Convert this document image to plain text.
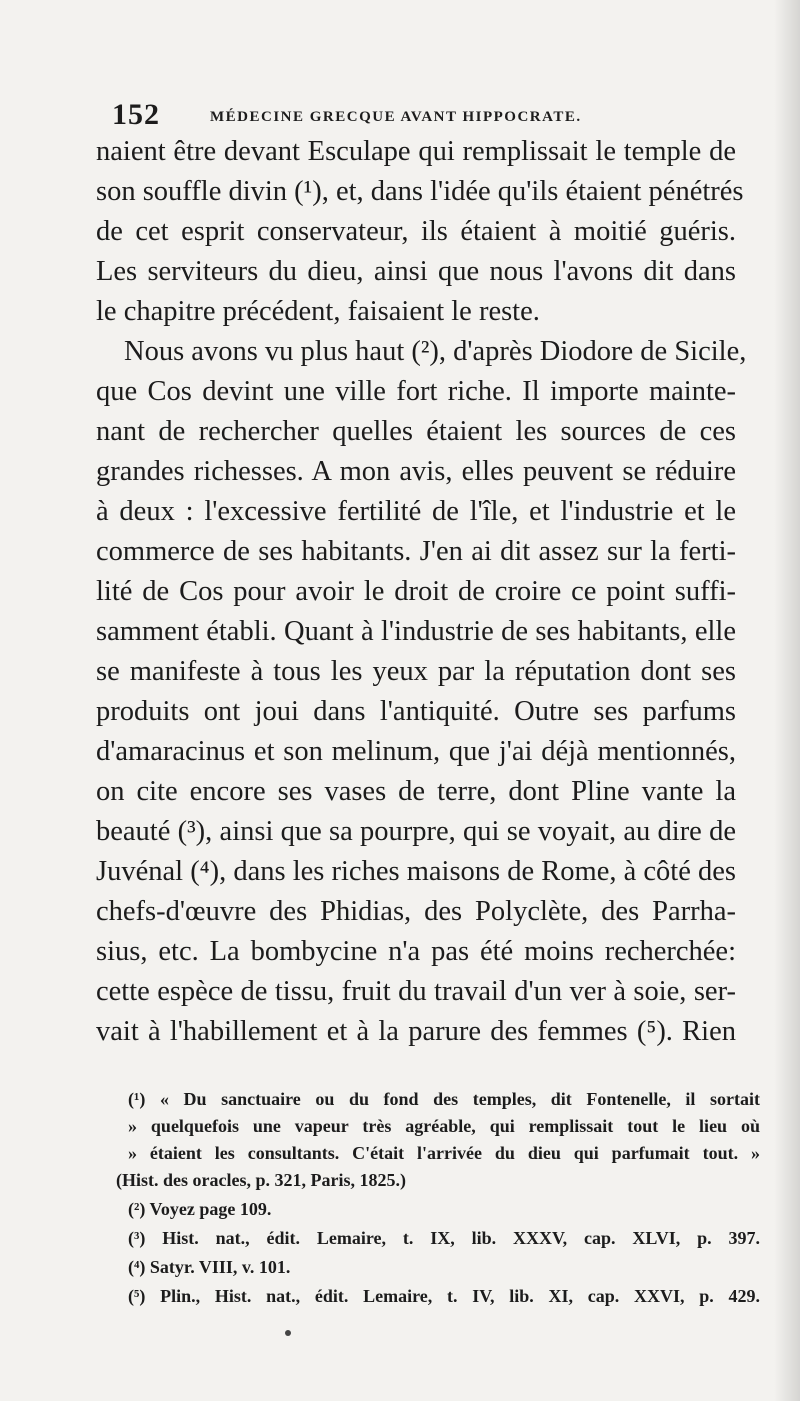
152	MÉDECINE GRECQUE AVANT HIPPOCRATE.
naient être devant Esculape qui remplissait le temple de
son souffle divin (¹), et, dans l'idée qu'ils étaient pénétrés
de cet esprit conservateur, ils étaient à moitié guéris.
Les serviteurs du dieu, ainsi que nous l'avons dit dans
le chapitre précédent, faisaient le reste.
Nous avons vu plus haut (²), d'après Diodore de Sicile,
que Cos devint une ville fort riche. Il importe mainte-
nant de rechercher quelles étaient les sources de ces
grandes richesses. A mon avis, elles peuvent se réduire
à deux : l'excessive fertilité de l'île, et l'industrie et le
commerce de ses habitants. J'en ai dit assez sur la ferti-
lité de Cos pour avoir le droit de croire ce point suffi-
samment établi. Quant à l'industrie de ses habitants, elle
se manifeste à tous les yeux par la réputation dont ses
produits ont joui dans l'antiquité. Outre ses parfums
d'amaracinus et son melinum, que j'ai déjà mentionnés,
on cite encore ses vases de terre, dont Pline vante la
beauté (³), ainsi que sa pourpre, qui se voyait, au dire de
Juvénal (⁴), dans les riches maisons de Rome, à côté des
chefs-d'œuvre des Phidias, des Polyclète, des Parrha-
sius, etc. La bombycine n'a pas été moins recherchée:
cette espèce de tissu, fruit du travail d'un ver à soie, ser-
vait à l'habillement et à la parure des femmes (⁵). Rien
(¹) « Du sanctuaire ou du fond des temples, dit Fontenelle, il sortait
» quelquefois une vapeur très agréable, qui remplissait tout le lieu où
» étaient les consultants. C'était l'arrivée du dieu qui parfumait tout. »
(Hist. des oracles, p. 321, Paris, 1825.)
(²) Voyez page 109.
(³) Hist. nat., édit. Lemaire, t. IX, lib. XXXV, cap. XLVI, p. 397.
(⁴) Satyr. VIII, v. 101.
(⁵) Plin., Hist. nat., édit. Lemaire, t. IV, lib. XI, cap. XXVI, p. 429.
